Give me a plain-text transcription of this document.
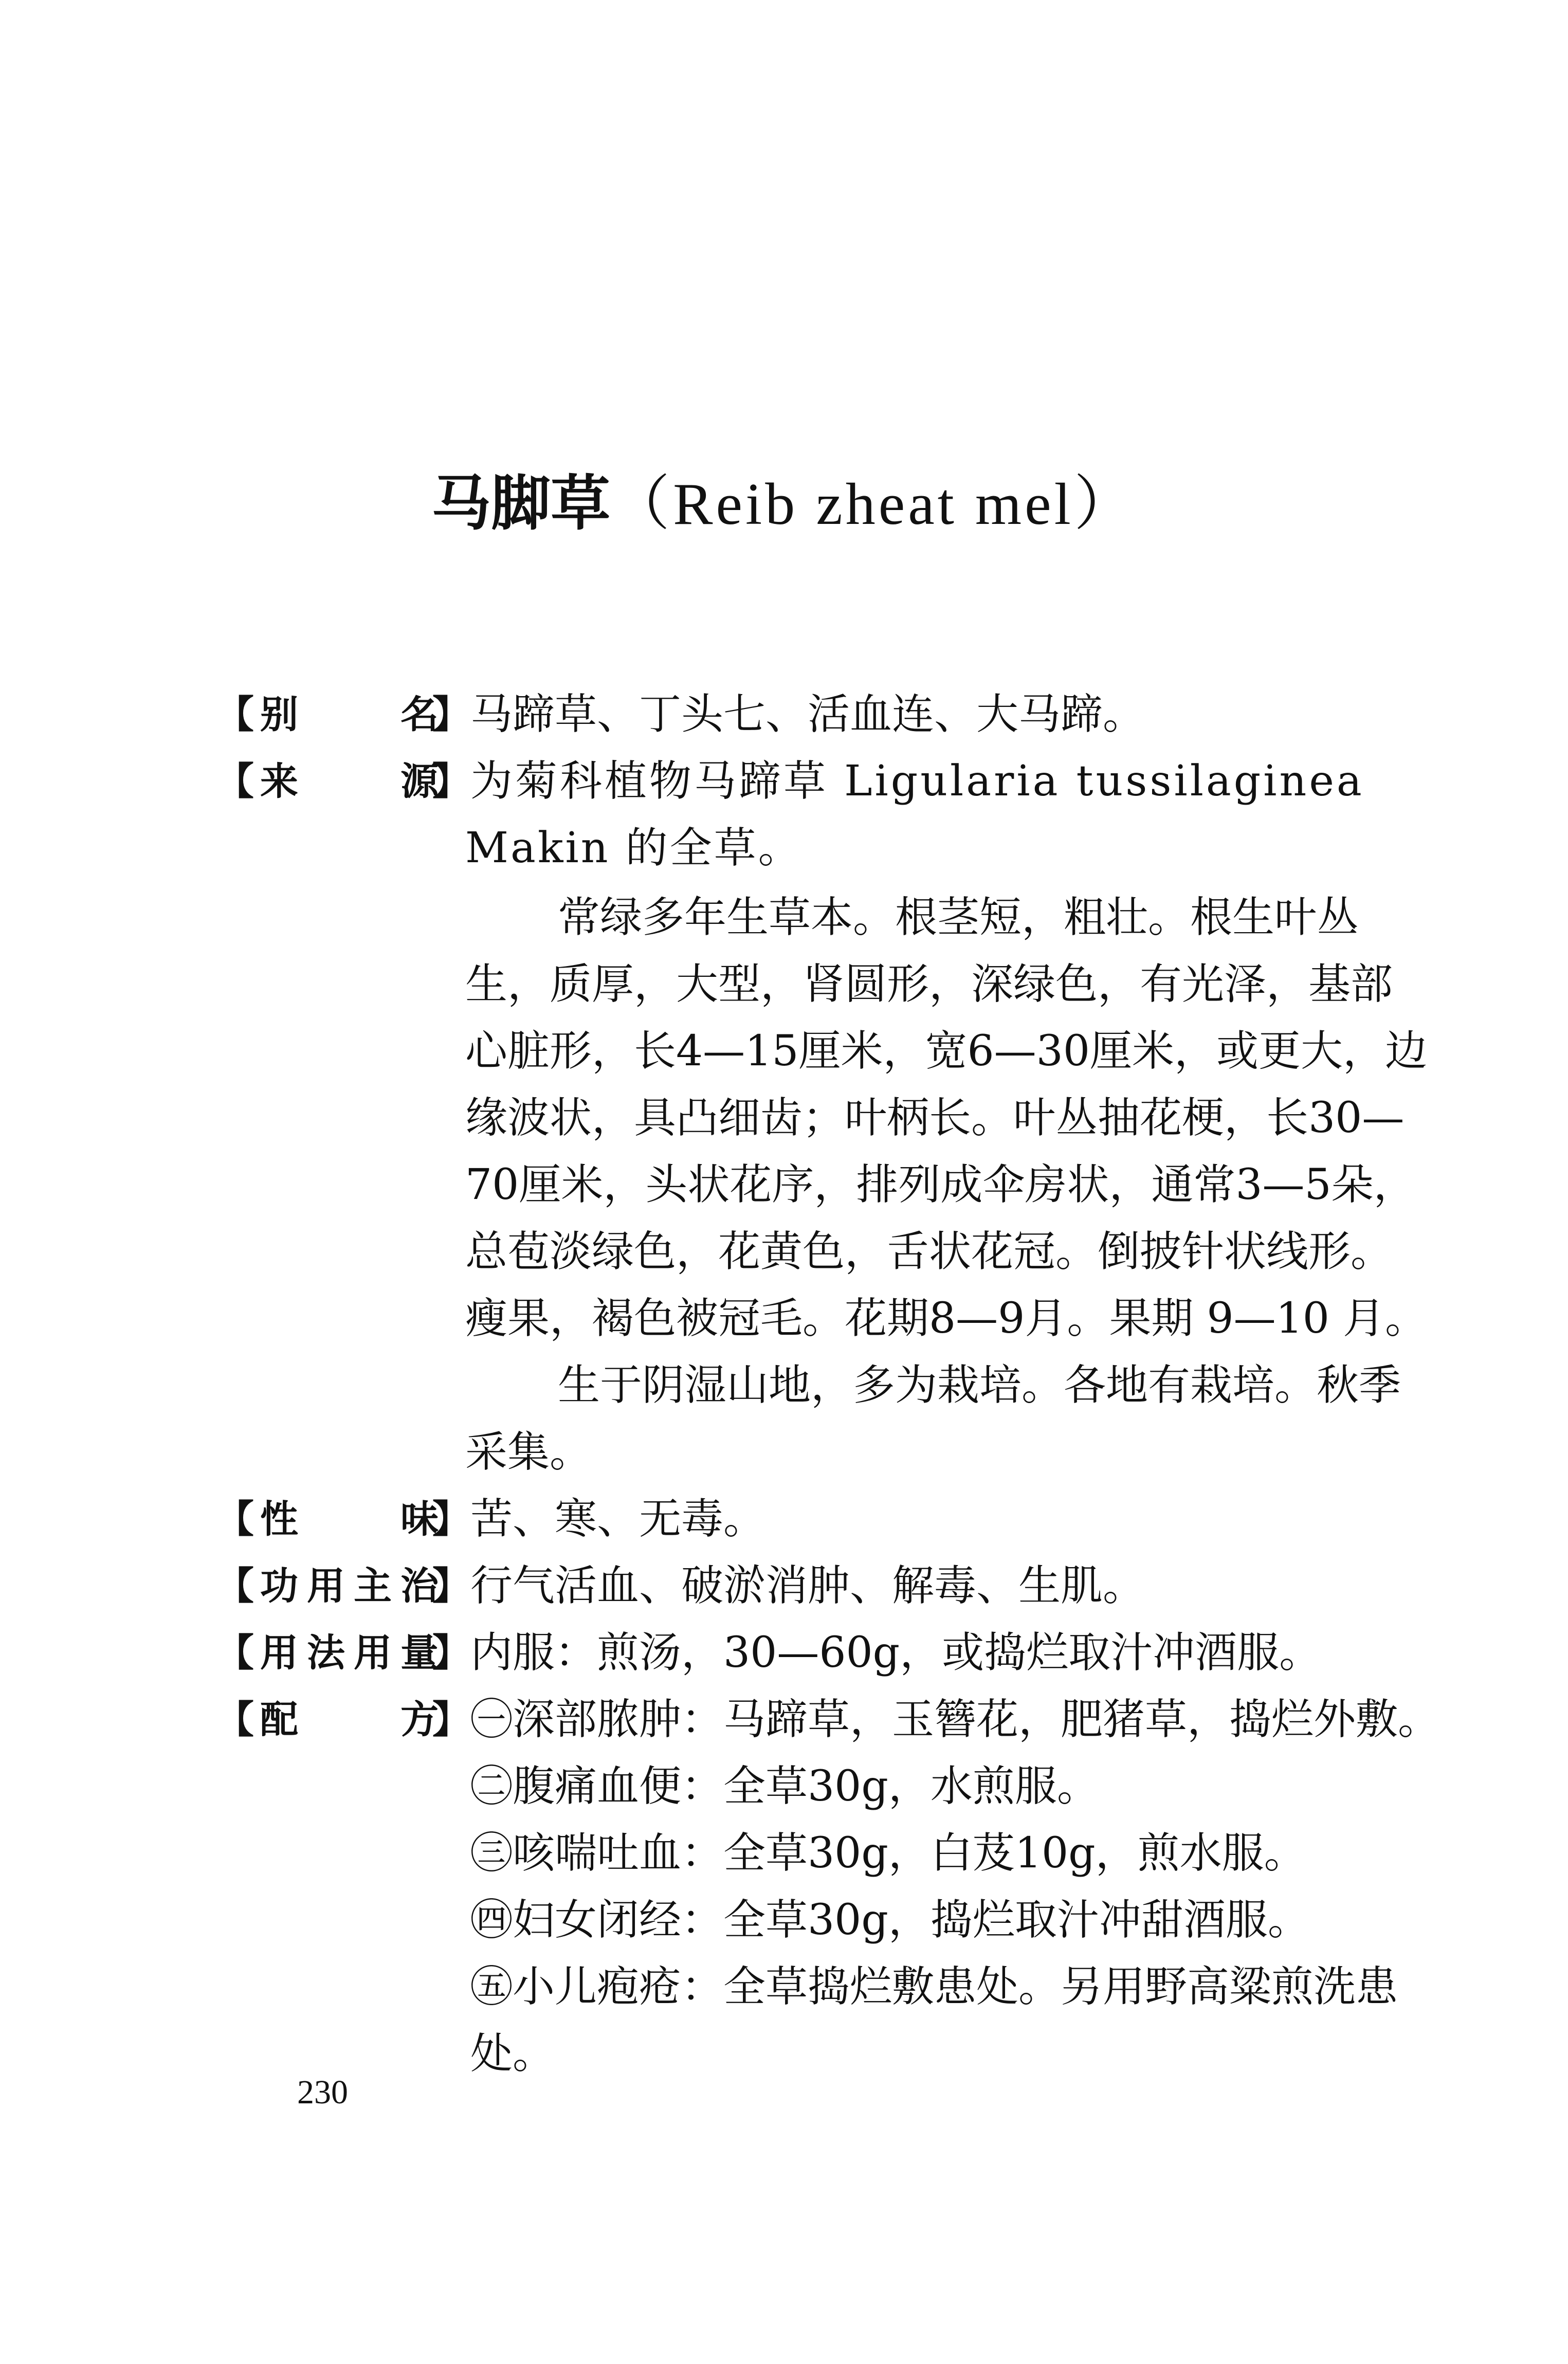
马脚草（Reib zheat mel）
【 别	名
】 马蹄草、丁头七、活血连、大马蹄。
【 来	源
】 为菊科植物马蹄草 Ligularia tussilaginea
Makin 的全草。
常绿多年生草本。根茎短，粗壮。根生叶丛
生，质厚，大型，肾圆形，深绿色，有光泽，基部
心脏形，长4—15厘米，宽6—30厘米，或更大，边
缘波状，具凸细齿；叶柄长。叶丛抽花梗，长30—
70厘米，头状花序，排列成伞房状，通常3—5朵，
总苞淡绿色，花黄色，舌状花冠。倒披针状线形。
瘦果，褐色被冠毛。花期8—9月。果期 9—10 月。
生于阴湿山地，多为栽培。各地有栽培。秋季
采集。
【 性	味
】 苦、寒、无毒。
【 功 用 主 治
】 行气活血、破淤消肿、解毒、生肌。
【 用 法 用 量
】 内服：煎汤，30—60g，或捣烂取汁冲酒服。
【 配	方
】 ㊀深部脓肿：马蹄草，玉簪花，肥猪草，捣烂外敷。
㊁腹痛血便：全草30g，水煎服。
㊂咳喘吐血：全草30g，白芨10g，煎水服。
㊃妇女闭经：全草30g，捣烂取汁冲甜酒服。
㊄小儿疱疮：全草捣烂敷患处。另用野高粱煎洗患
处。
230
